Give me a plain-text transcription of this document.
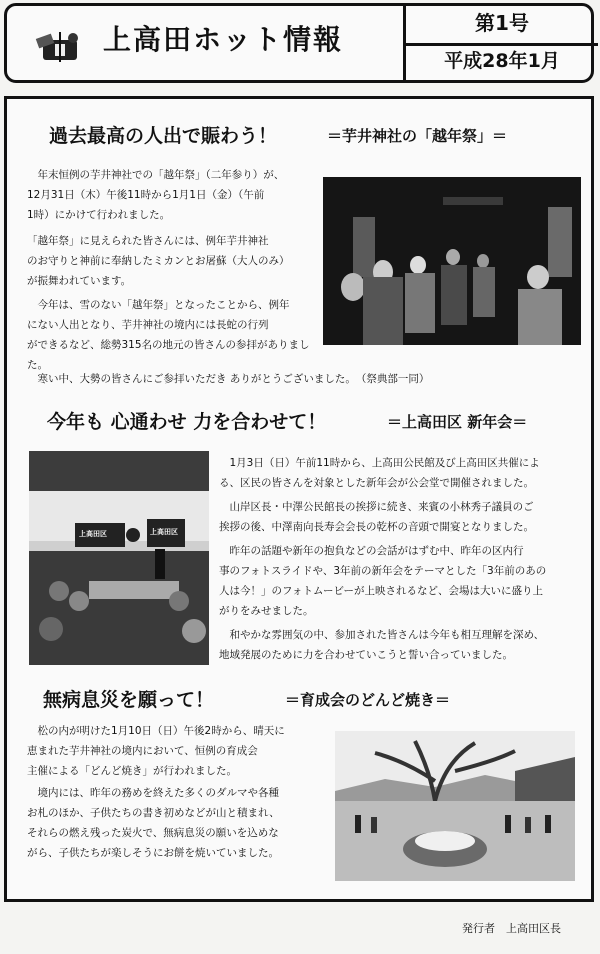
上高田ホット情報	第1号
平成28年1月
過去最高の人出で賑わう！	＝芋井神社の「越年祭」＝
　年末恒例の芋井神社での「越年祭」（二年参り）が、
12月31日（木）午後11時から1月1日（金）（午前
1時）にかけて行われました。
「越年祭」に見えられた皆さんには、例年芋井神社
のお守りと神前に奉納したミカンとお屠蘇（大人のみ）
が振舞われています。
　今年は、雪のない「越年祭」となったことから、例年
にない人出となり、芋井神社の境内には長蛇の行列
ができるなど、総勢315名の地元の皆さんの参拝がありました。
　寒い中、大勢の皆さんにご参拝いただき ありがとうございました。　（祭典部一同）
今年も 心通わせ 力を合わせて！	＝上高田区 新年会＝
上高田区	上高田区
　1月3日（日）午前11時から、上高田公民館及び上高田区共催によ
る、区民の皆さんを対象とした新年会が公会堂で開催されました。
　山岸区長・中澤公民館長の挨拶に続き、来賓の小林秀子議員のご
挨拶の後、中澤南向長寿会会長の乾杯の音頭で開宴となりました。
　昨年の話題や新年の抱負などの会話がはずむ中、昨年の区内行
事のフォトスライドや、3年前の新年会をテーマとした「3年前のあの
人は今！」のフォトムービーが上映されるなど、会場は大いに盛り上
がりをみせました。
　和やかな雰囲気の中、参加された皆さんは今年も相互理解を深め、
地域発展のために力を合わせていこうと誓い合っていました。
無病息災を願って！	＝育成会のどんど焼き＝
　松の内が明けた1月10日（日）午後2時から、晴天に
恵まれた芋井神社の境内において、恒例の育成会
主催による「どんど焼き」が行われました。
　境内には、昨年の務めを終えた多くのダルマや各種
お札のほか、子供たちの書き初めなどが山と積まれ、
それらの燃え残った炭火で、無病息災の願いを込めな
がら、子供たちが楽しそうにお餅を焼いていました。
発行者　上高田区長
